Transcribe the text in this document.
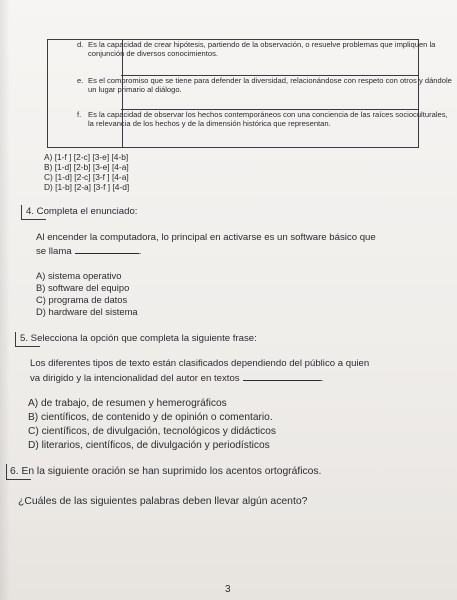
d. Es la capacidad de crear hipótesis, partiendo de la observación, o resuelve problemas que impliquen la conjunción de diversos conocimientos.
e. Es el compromiso que se tiene para defender la diversidad, relacionándose con respeto con otros y dándole un lugar primario al diálogo.
f. Es la capacidad de observar los hechos contemporáneos con una conciencia de las raíces socioculturales, la relevancia de los hechos y de la dimensión histórica que representan.
A) [1-f ] [2-c] [3-e] [4-b]
B) [1-d] [2-b] [3-e] [4-a]
C) [1-d] [2-c] [3-f ] [4-a]
D) [1-b] [2-a] [3-f ] [4-d]
4. Completa el enunciado:
Al encender la computadora, lo principal en activarse es un software básico que
se llama	.
A) sistema operativo
B) software del equipo
C) programa de datos
D) hardware del sistema
5. Selecciona la opción que completa la siguiente frase:
Los diferentes tipos de texto están clasificados dependiendo del público a quien
va dirigido y la intencionalidad del autor en textos	.
A) de trabajo, de resumen y hemerográficos
B) científicos, de contenido y de opinión o comentario.
C) científicos, de divulgación, tecnológicos y didácticos
D) literarios, científicos, de divulgación y periodísticos
6. En la siguiente oración se han suprimido los acentos ortográficos.
¿Cuáles de las siguientes palabras deben llevar algún acento?
3
